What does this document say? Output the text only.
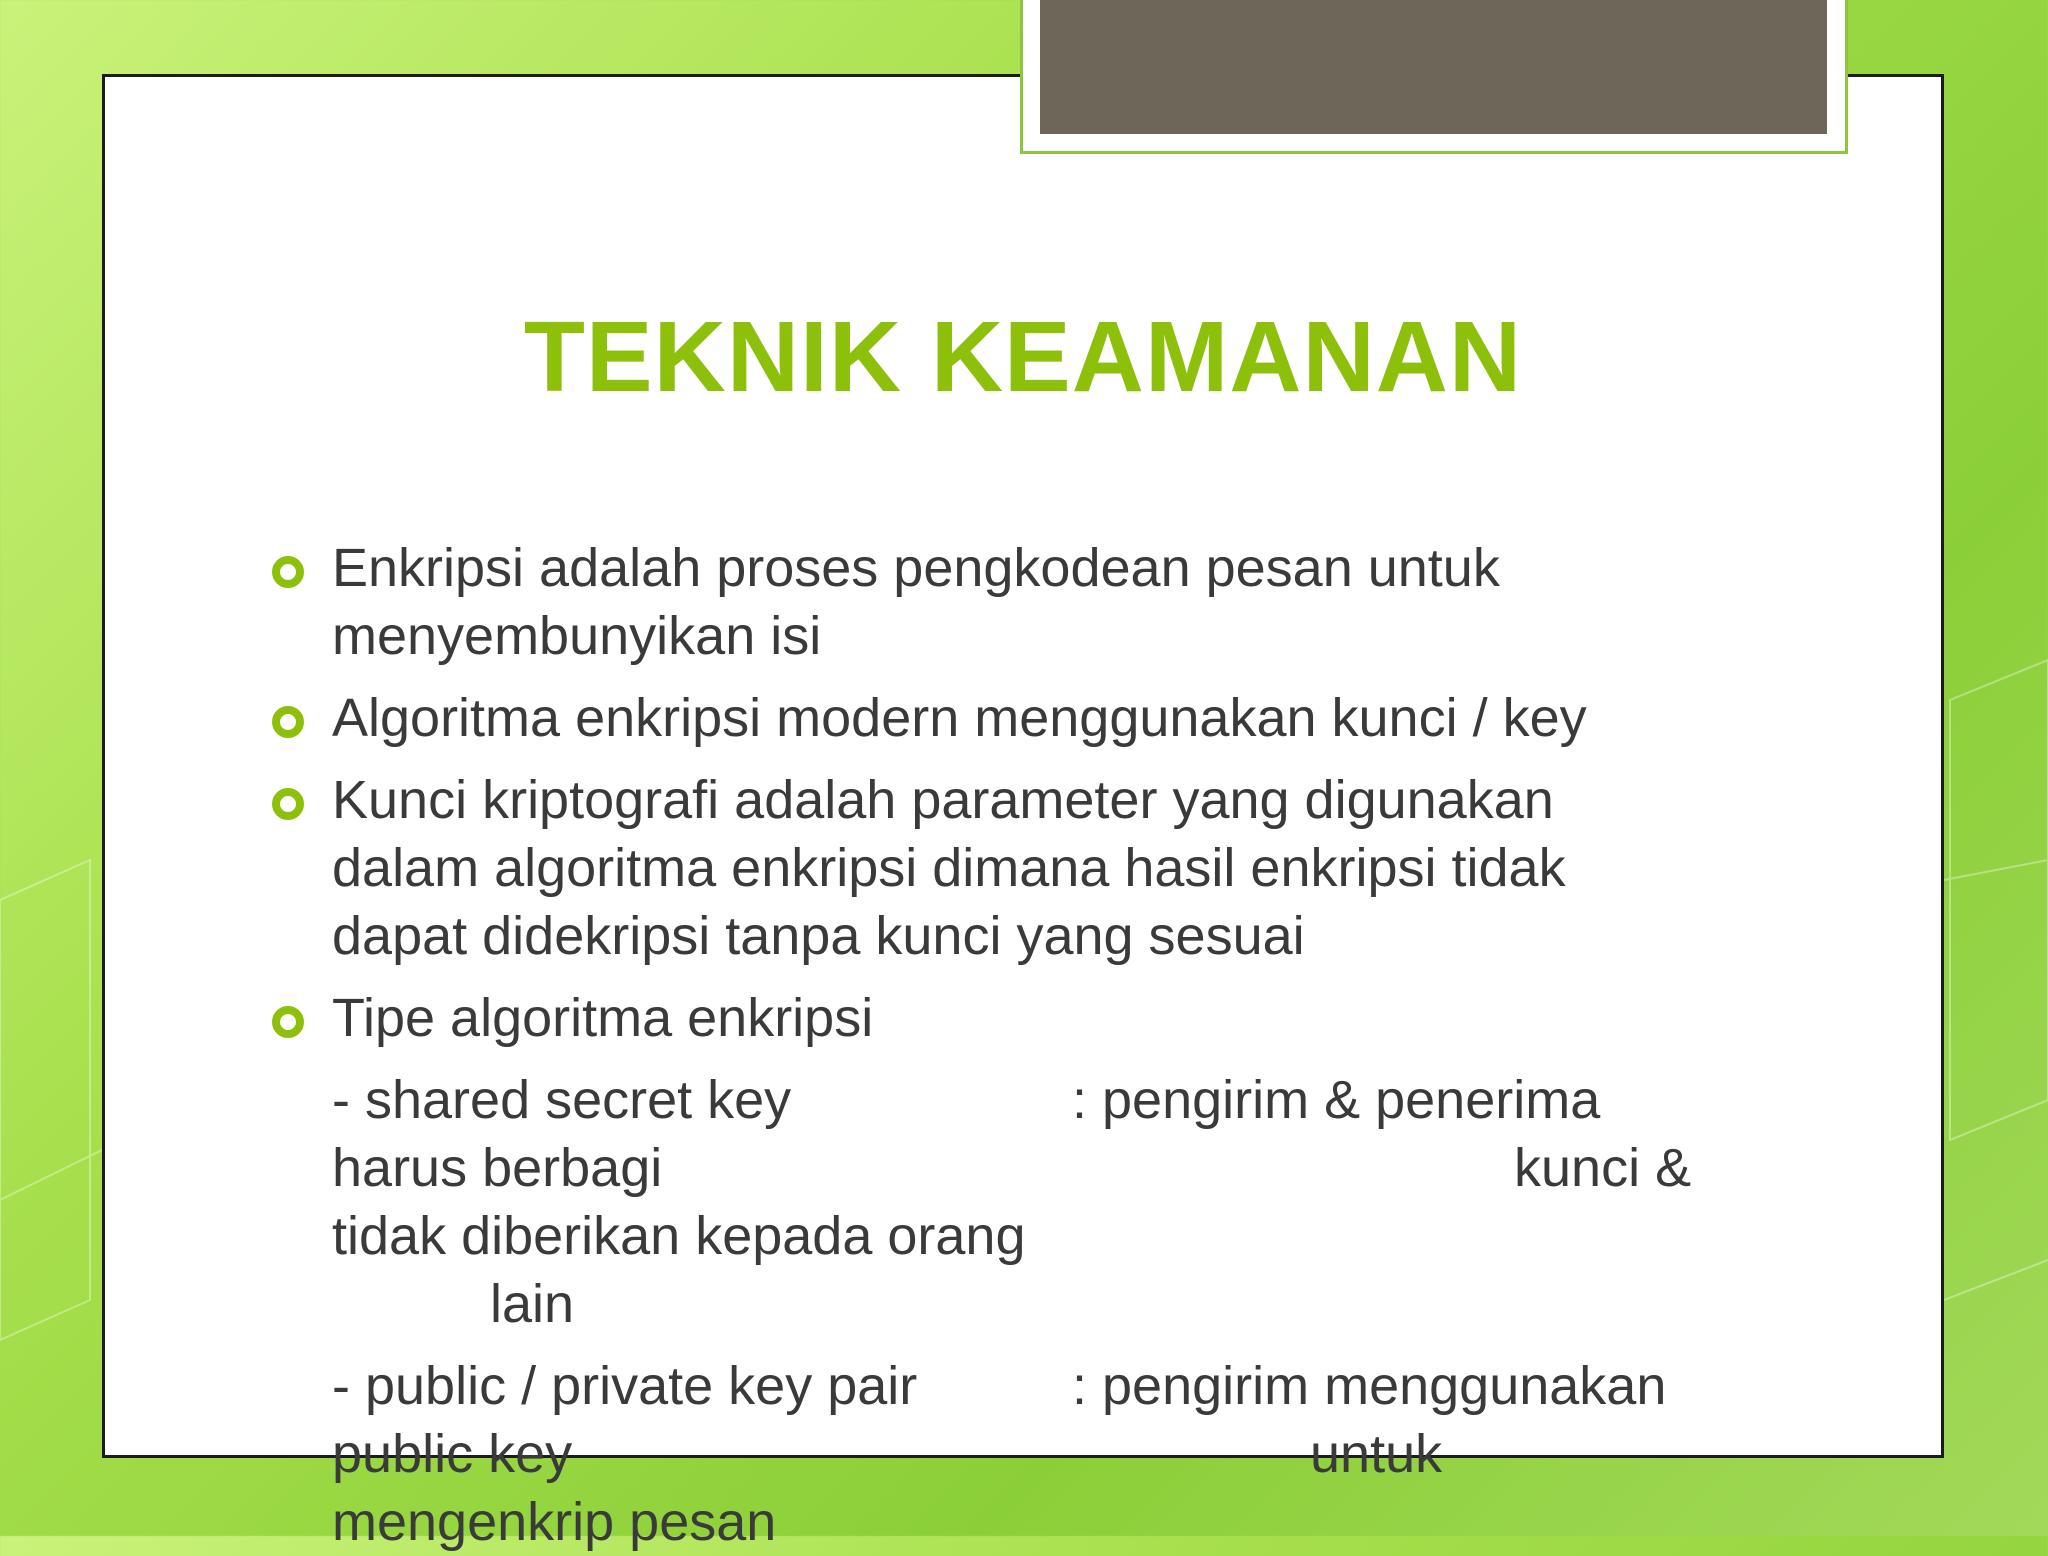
TEKNIK KEAMANAN
Enkripsi adalah proses pengkodean pesan untuk
menyembunyikan isi
Algoritma enkripsi modern menggunakan kunci / key
Kunci kriptografi adalah parameter yang digunakan
dalam algoritma enkripsi dimana hasil enkripsi tidak
dapat didekripsi tanpa kunci yang sesuai
Tipe algoritma enkripsi
- shared secret key	: pengirim & penerima
harus berbagi	kunci &
tidak diberikan kepada orang
lain
- public / private key pair	: pengirim menggunakan
public key	untuk
mengenkrip pesan
